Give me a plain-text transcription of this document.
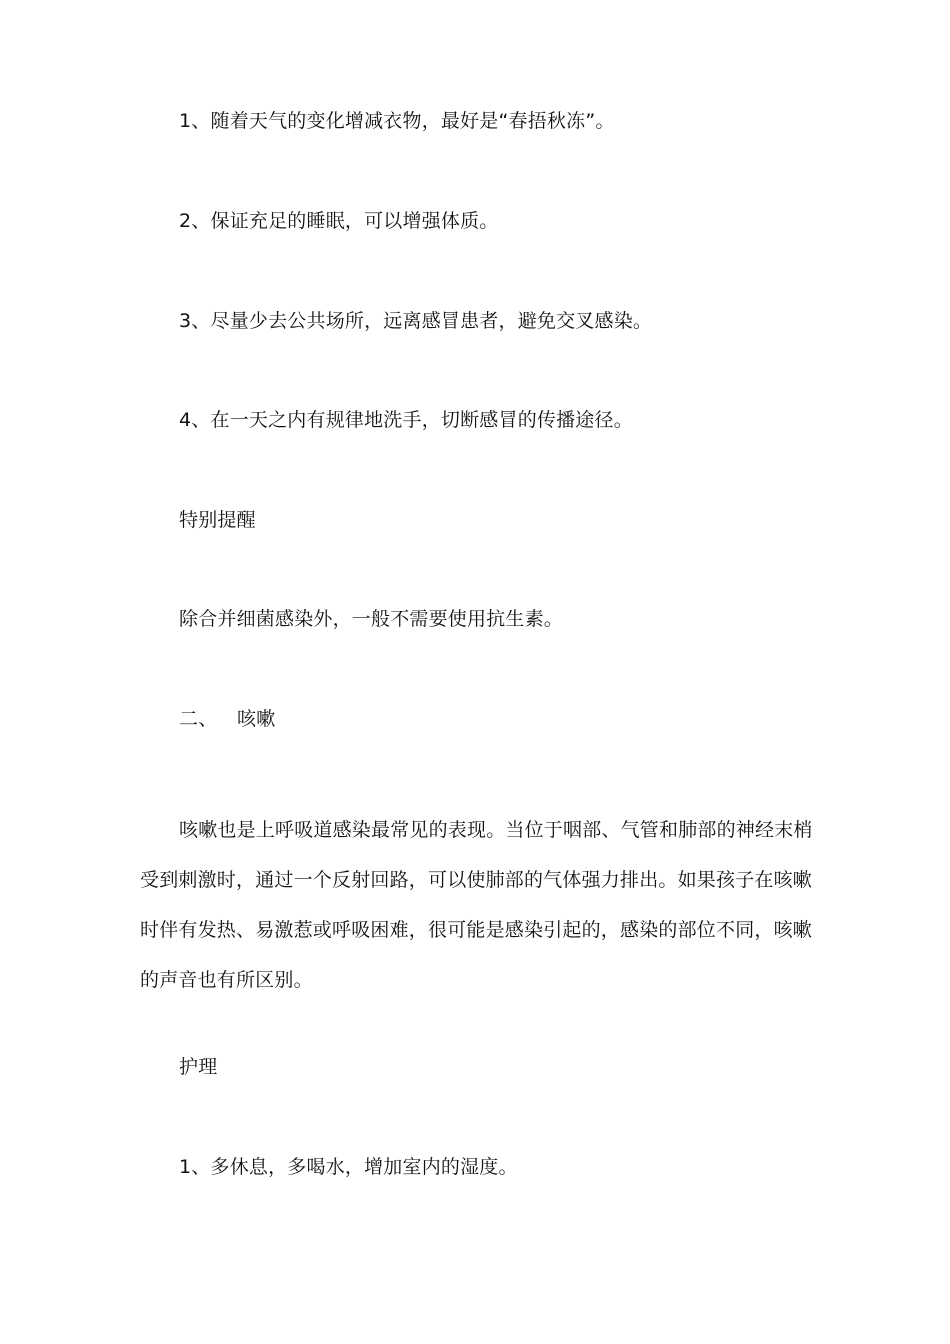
1、随着天气的变化增减衣物，最好是“春捂秋冻”。
2、保证充足的睡眠，可以增强体质。
3、尽量少去公共场所，远离感冒患者，避免交叉感染。
4、在一天之内有规律地洗手，切断感冒的传播途径。
特别提醒
除合并细菌感染外，一般不需要使用抗生素。
二、 咳嗽
咳嗽也是上呼吸道感染最常见的表现。当位于咽部、气管和肺部的神经末梢
受到刺激时，通过一个反射回路，可以使肺部的气体强力排出。如果孩子在咳嗽
时伴有发热、易激惹或呼吸困难，很可能是感染引起的，感染的部位不同，咳嗽
的声音也有所区别。
护理
1、多休息，多喝水，增加室内的湿度。
